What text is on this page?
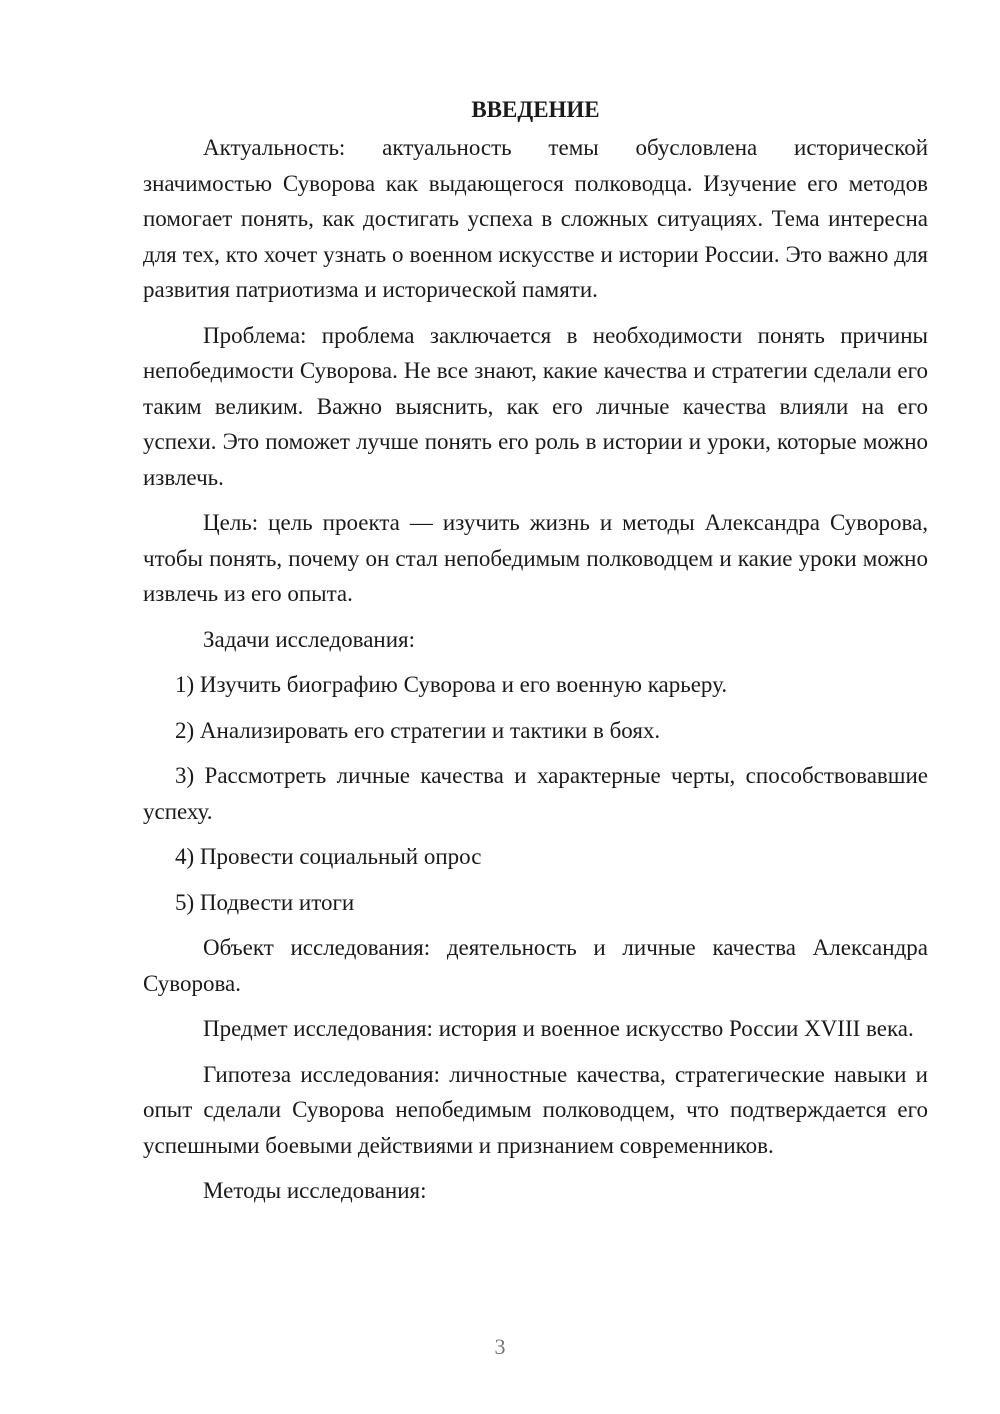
ВВЕДЕНИЕ

Актуальность: актуальность темы обусловлена исторической значимостью Суворова как выдающегося полководца. Изучение его методов помогает понять, как достигать успеха в сложных ситуациях. Тема интересна для тех, кто хочет узнать о военном искусстве и истории России. Это важно для развития патриотизма и исторической памяти.

Проблема: проблема заключается в необходимости понять причины непобедимости Суворова. Не все знают, какие качества и стратегии сделали его таким великим. Важно выяснить, как его личные качества влияли на его успехи. Это поможет лучше понять его роль в истории и уроки, которые можно извлечь.

Цель: цель проекта — изучить жизнь и методы Александра Суворова, чтобы понять, почему он стал непобедимым полководцем и какие уроки можно извлечь из его опыта.

Задачи исследования:

1) Изучить биографию Суворова и его военную карьеру.
2) Анализировать его стратегии и тактики в боях.
3) Рассмотреть личные качества и характерные черты, способствовавшие успеху.
4) Провести социальный опрос
5) Подвести итоги

Объект исследования: деятельность и личные качества Александра Суворова.

Предмет исследования: история и военное искусство России XVIII века.

Гипотеза исследования: личностные качества, стратегические навыки и опыт сделали Суворова непобедимым полководцем, что подтверждается его успешными боевыми действиями и признанием современников.

Методы исследования:

3
